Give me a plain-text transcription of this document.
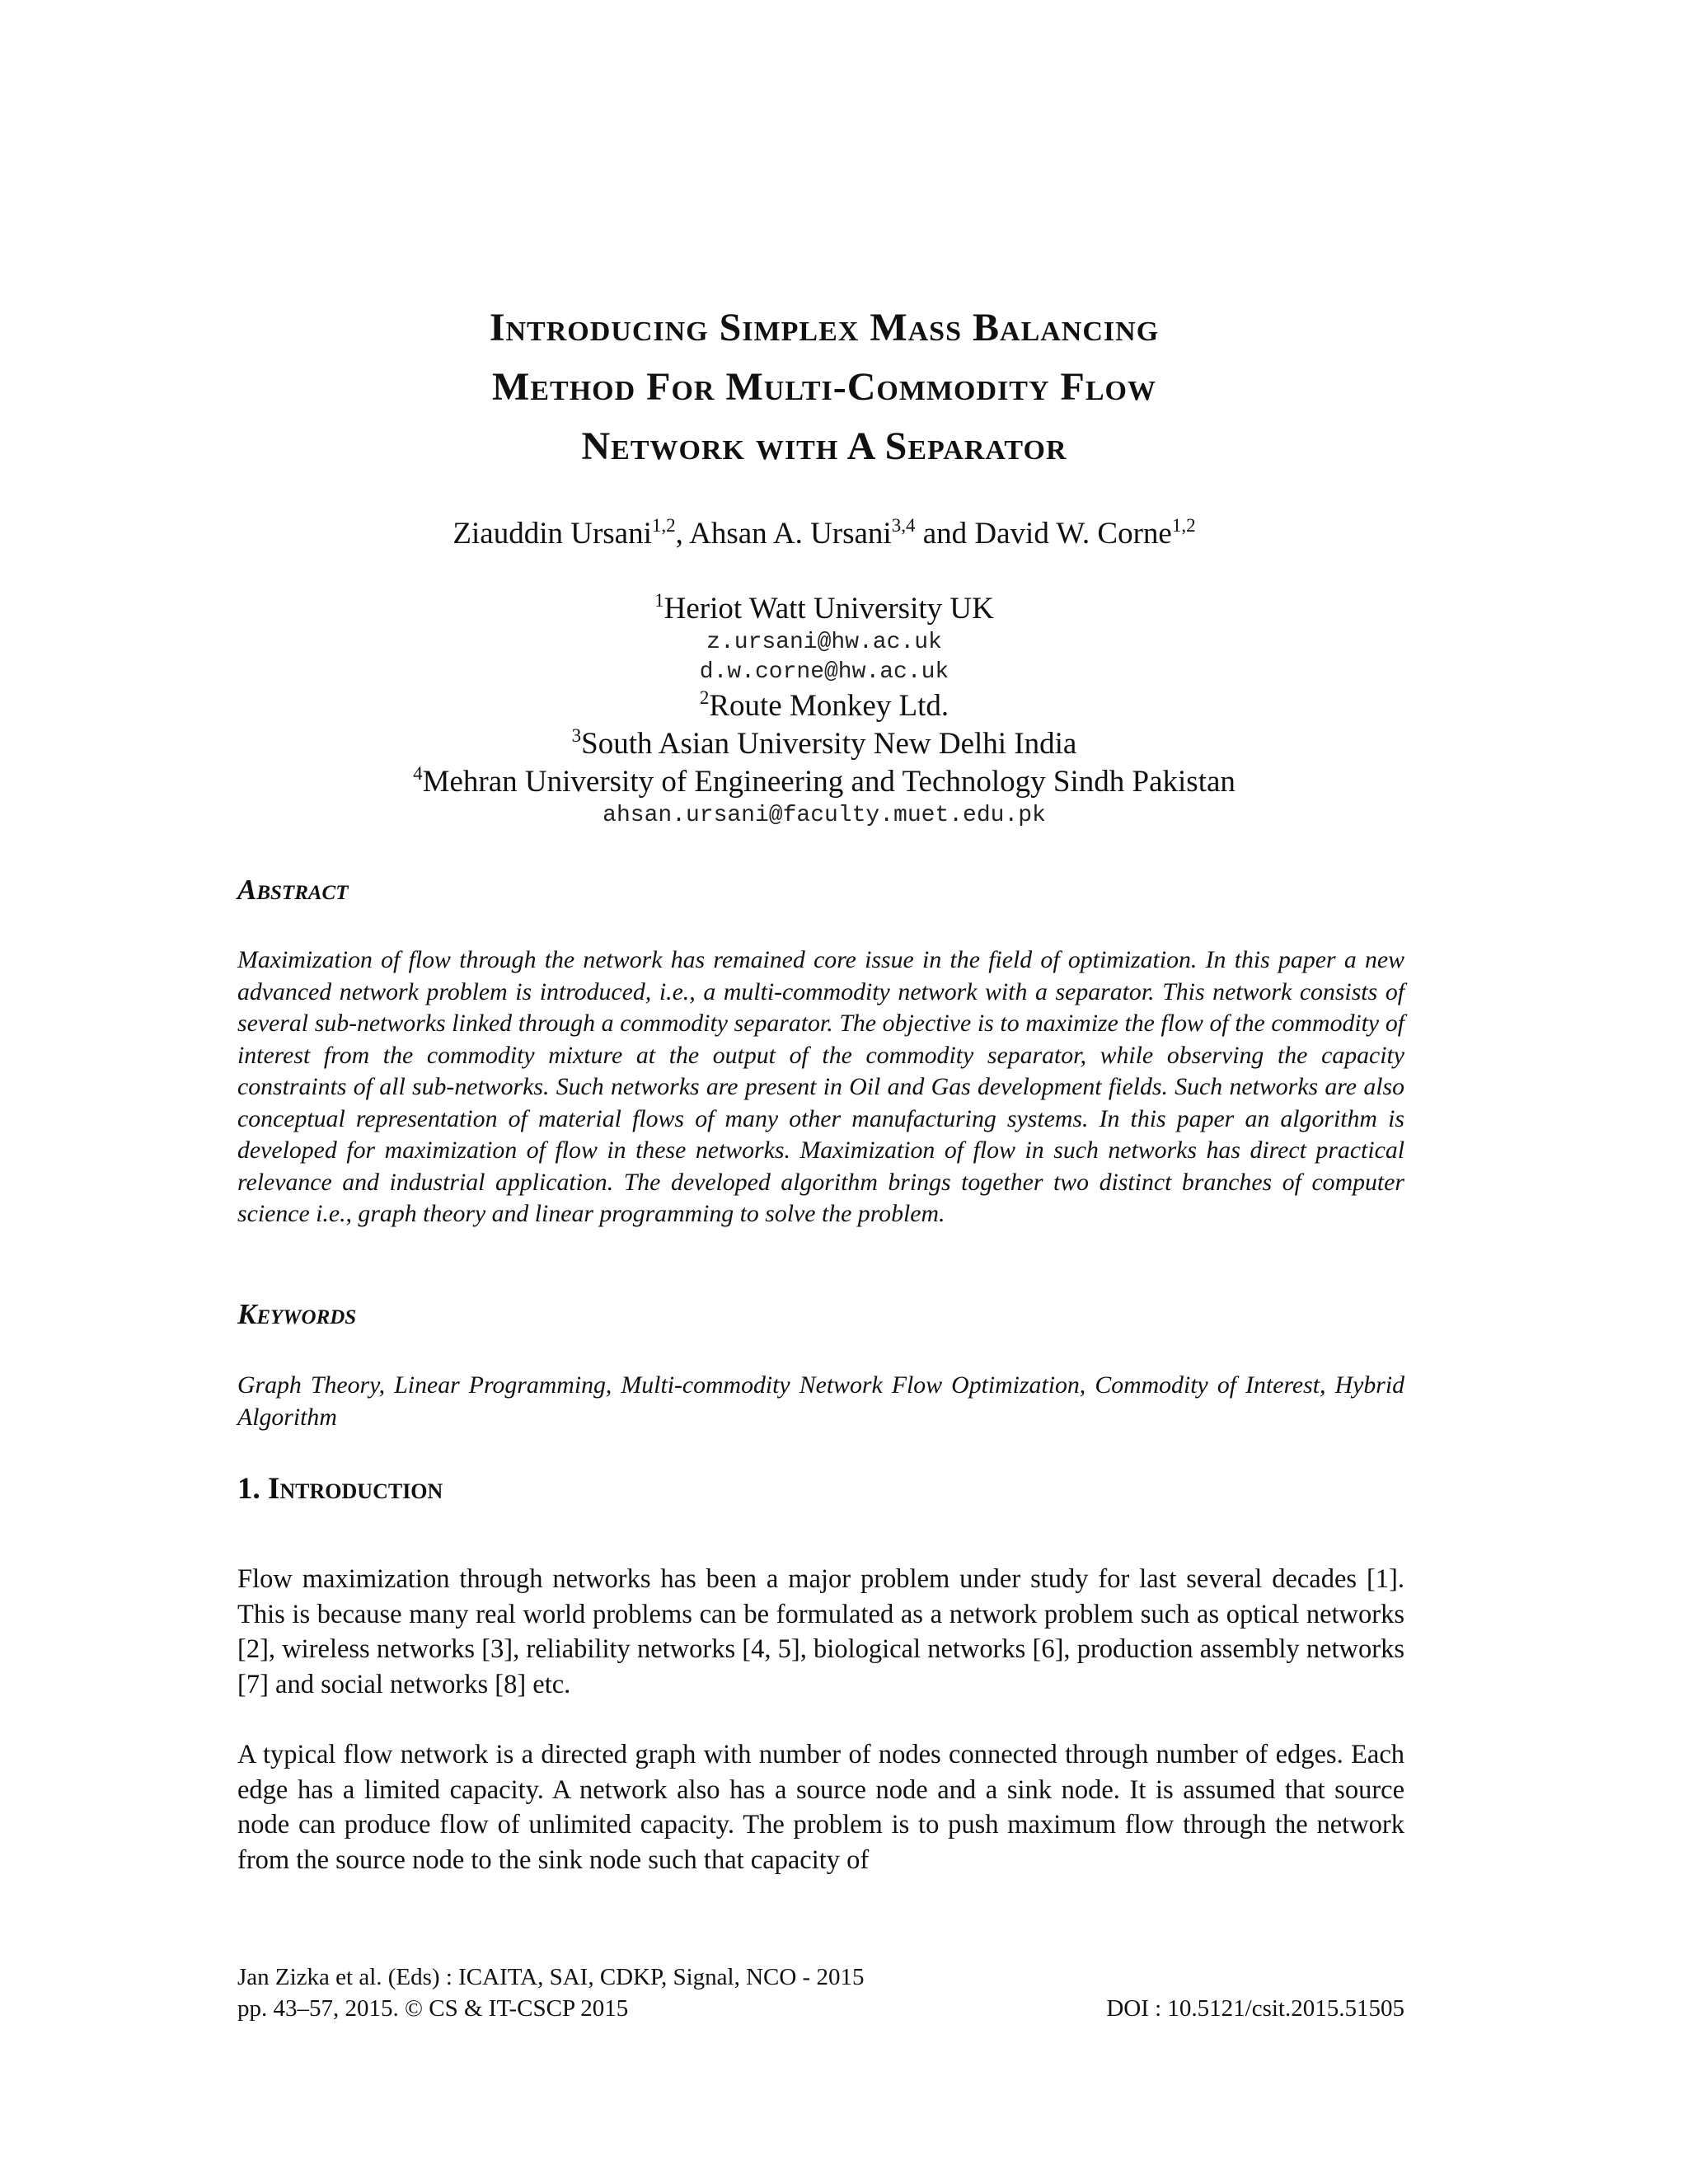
Introducing Simplex Mass Balancing
Method For Multi-Commodity Flow
Network with A Separator
Ziauddin Ursani$^{1,2}$, Ahsan A. Ursani$^{3,4}$ and David W. Corne$^{1,2}$
$^1$Heriot Watt University UK
z.ursani@hw.ac.uk
d.w.corne@hw.ac.uk
$^2$Route Monkey Ltd.
$^3$South Asian University New Delhi India
$^4$Mehran University of Engineering and Technology Sindh Pakistan
ahsan.ursani@faculty.muet.edu.pk
Abstract
Maximization of flow through the network has remained core issue in the field of optimization. In this paper a new advanced network problem is introduced, i.e., a multi-commodity network with a separator. This network consists of several sub-networks linked through a commodity separator. The objective is to maximize the flow of the commodity of interest from the commodity mixture at the output of the commodity separator, while observing the capacity constraints of all sub-networks. Such networks are present in Oil and Gas development fields. Such networks are also conceptual representation of material flows of many other manufacturing systems. In this paper an algorithm is developed for maximization of flow in these networks. Maximization of flow in such networks has direct practical relevance and industrial application. The developed algorithm brings together two distinct branches of computer science i.e., graph theory and linear programming to solve the problem.
Keywords
Graph Theory, Linear Programming, Multi-commodity Network Flow Optimization, Commodity of Interest, Hybrid Algorithm
1. Introduction
Flow maximization through networks has been a major problem under study for last several decades [1]. This is because many real world problems can be formulated as a network problem such as optical networks [2], wireless networks [3], reliability networks [4, 5], biological networks [6], production assembly networks [7] and social networks [8] etc.
A typical flow network is a directed graph with number of nodes connected through number of edges. Each edge has a limited capacity. A network also has a source node and a sink node. It is assumed that source node can produce flow of unlimited capacity. The problem is to push maximum flow through the network from the source node to the sink node such that capacity of
Jan Zizka et al. (Eds) : ICAITA, SAI, CDKP, Signal, NCO - 2015
pp. 43–57, 2015. © CS & IT-CSCP 2015	DOI : 10.5121/csit.2015.51505
